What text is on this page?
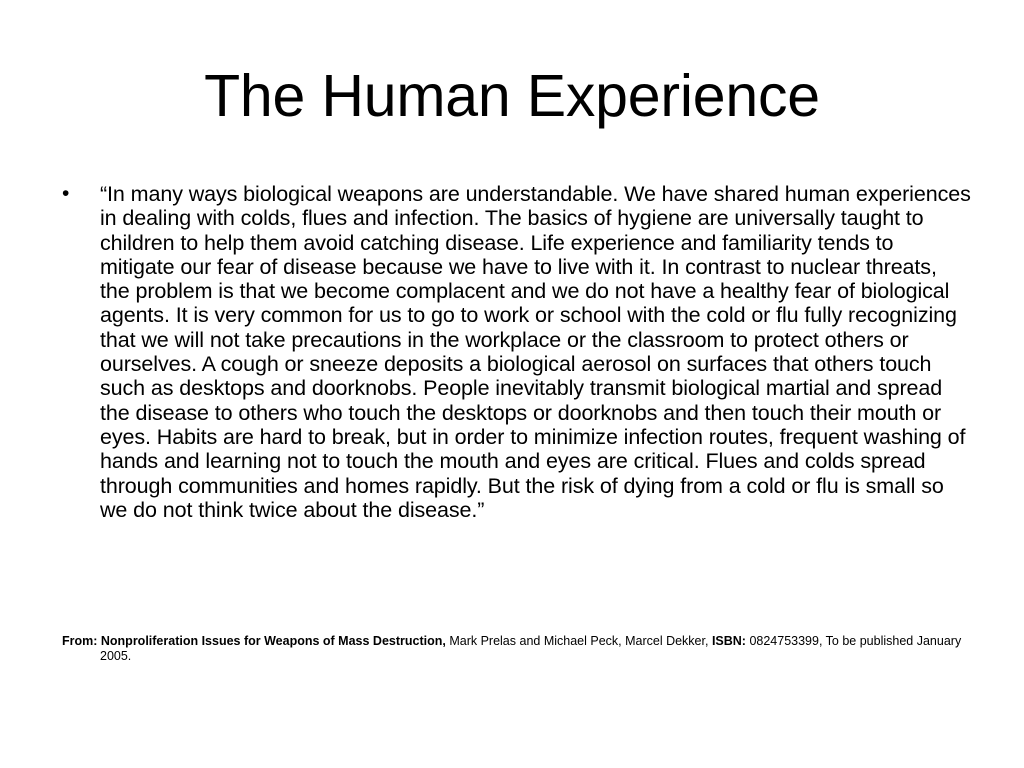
The Human Experience
•	“In many ways biological weapons are understandable. We have shared human experiences in dealing with colds, flues and infection. The basics of hygiene are universally taught to children to help them avoid catching disease. Life experience and familiarity tends to mitigate our fear of disease because we have to live with it. In contrast to nuclear threats, the problem is that we become complacent and we do not have a healthy fear of biological agents. It is very common for us to go to work or school with the cold or flu fully recognizing that we will not take precautions in the workplace or the classroom to protect others or ourselves. A cough or sneeze deposits a biological aerosol on surfaces that others touch such as desktops and doorknobs. People inevitably transmit biological martial and spread the disease to others who touch the desktops or doorknobs and then touch their mouth or eyes. Habits are hard to break, but in order to minimize infection routes, frequent washing of hands and learning not to touch the mouth and eyes are critical. Flues and colds spread through communities and homes rapidly. But the risk of dying from a cold or flu is small so we do not think twice about the disease.”

From: Nonproliferation Issues for Weapons of Mass Destruction, Mark Prelas and Michael Peck, Marcel Dekker, ISBN: 0824753399, To be published January 2005.
